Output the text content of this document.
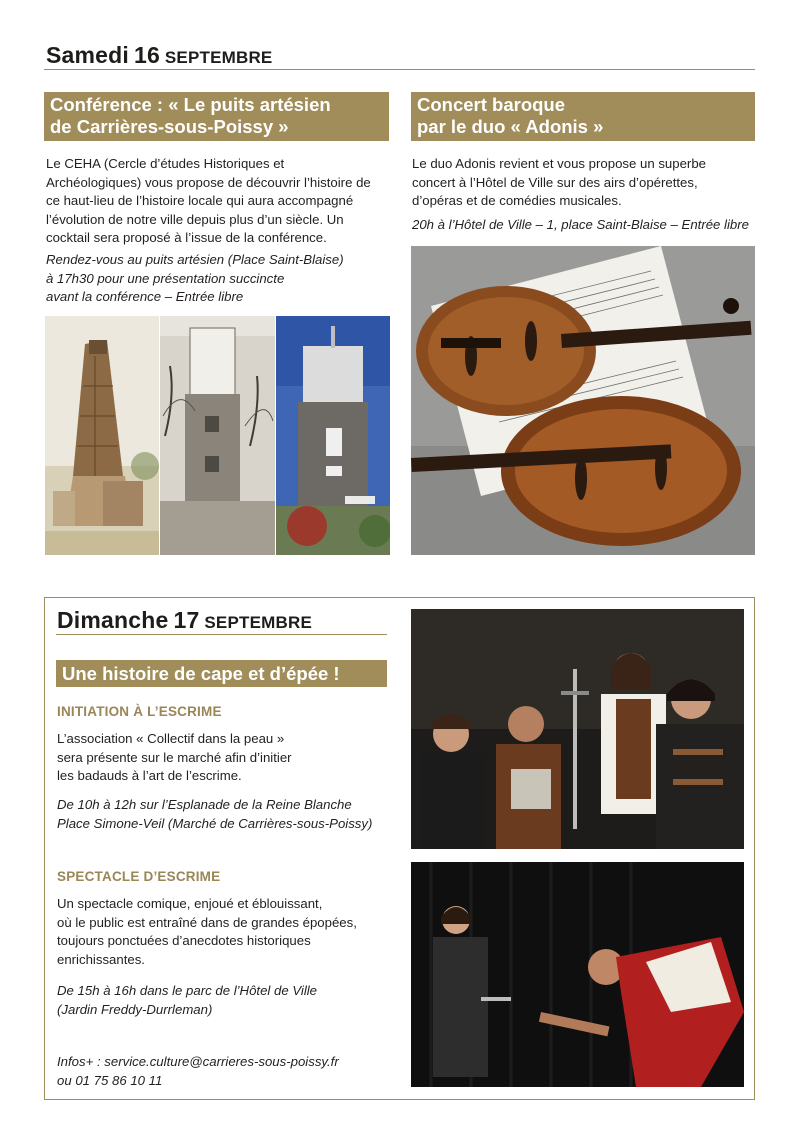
Samedi 16 SEPTEMBRE
Conférence : « Le puits artésien
de Carrières-sous-Poissy »
Le CEHA (Cercle d’études Historiques et
Archéologiques) vous propose de découvrir l’histoire de
ce haut-lieu de l’histoire locale qui aura accompagné
l’évolution de notre ville depuis plus d’un siècle. Un
cocktail sera proposé à l’issue de la conférence.
Rendez-vous au puits artésien (Place Saint-Blaise)
à 17h30 pour une présentation succincte
avant la conférence – Entrée libre
Concert baroque
par le duo « Adonis »
Le duo Adonis revient et vous propose un superbe
concert à l’Hôtel de Ville sur des airs d’opérettes,
d’opéras et de comédies musicales.
20h à l’Hôtel de Ville – 1, place Saint-Blaise – Entrée libre
Dimanche 17 SEPTEMBRE
Une histoire de cape et d’épée !
INITIATION À L’ESCRIME
L’association « Collectif dans la peau »
sera présente sur le marché afin d’initier
les badauds à l’art de l’escrime.
De 10h à 12h sur l’Esplanade de la Reine Blanche
Place Simone-Veil (Marché de Carrières-sous-Poissy)
SPECTACLE D’ESCRIME
Un spectacle comique, enjoué et éblouissant,
où le public est entraîné dans de grandes épopées,
toujours ponctuées d’anecdotes historiques
enrichissantes.
De 15h à 16h dans le parc de l’Hôtel de Ville
(Jardin Freddy-Durrleman)
Infos+ : service.culture@carrieres-sous-poissy.fr
ou 01 75 86 10 11
